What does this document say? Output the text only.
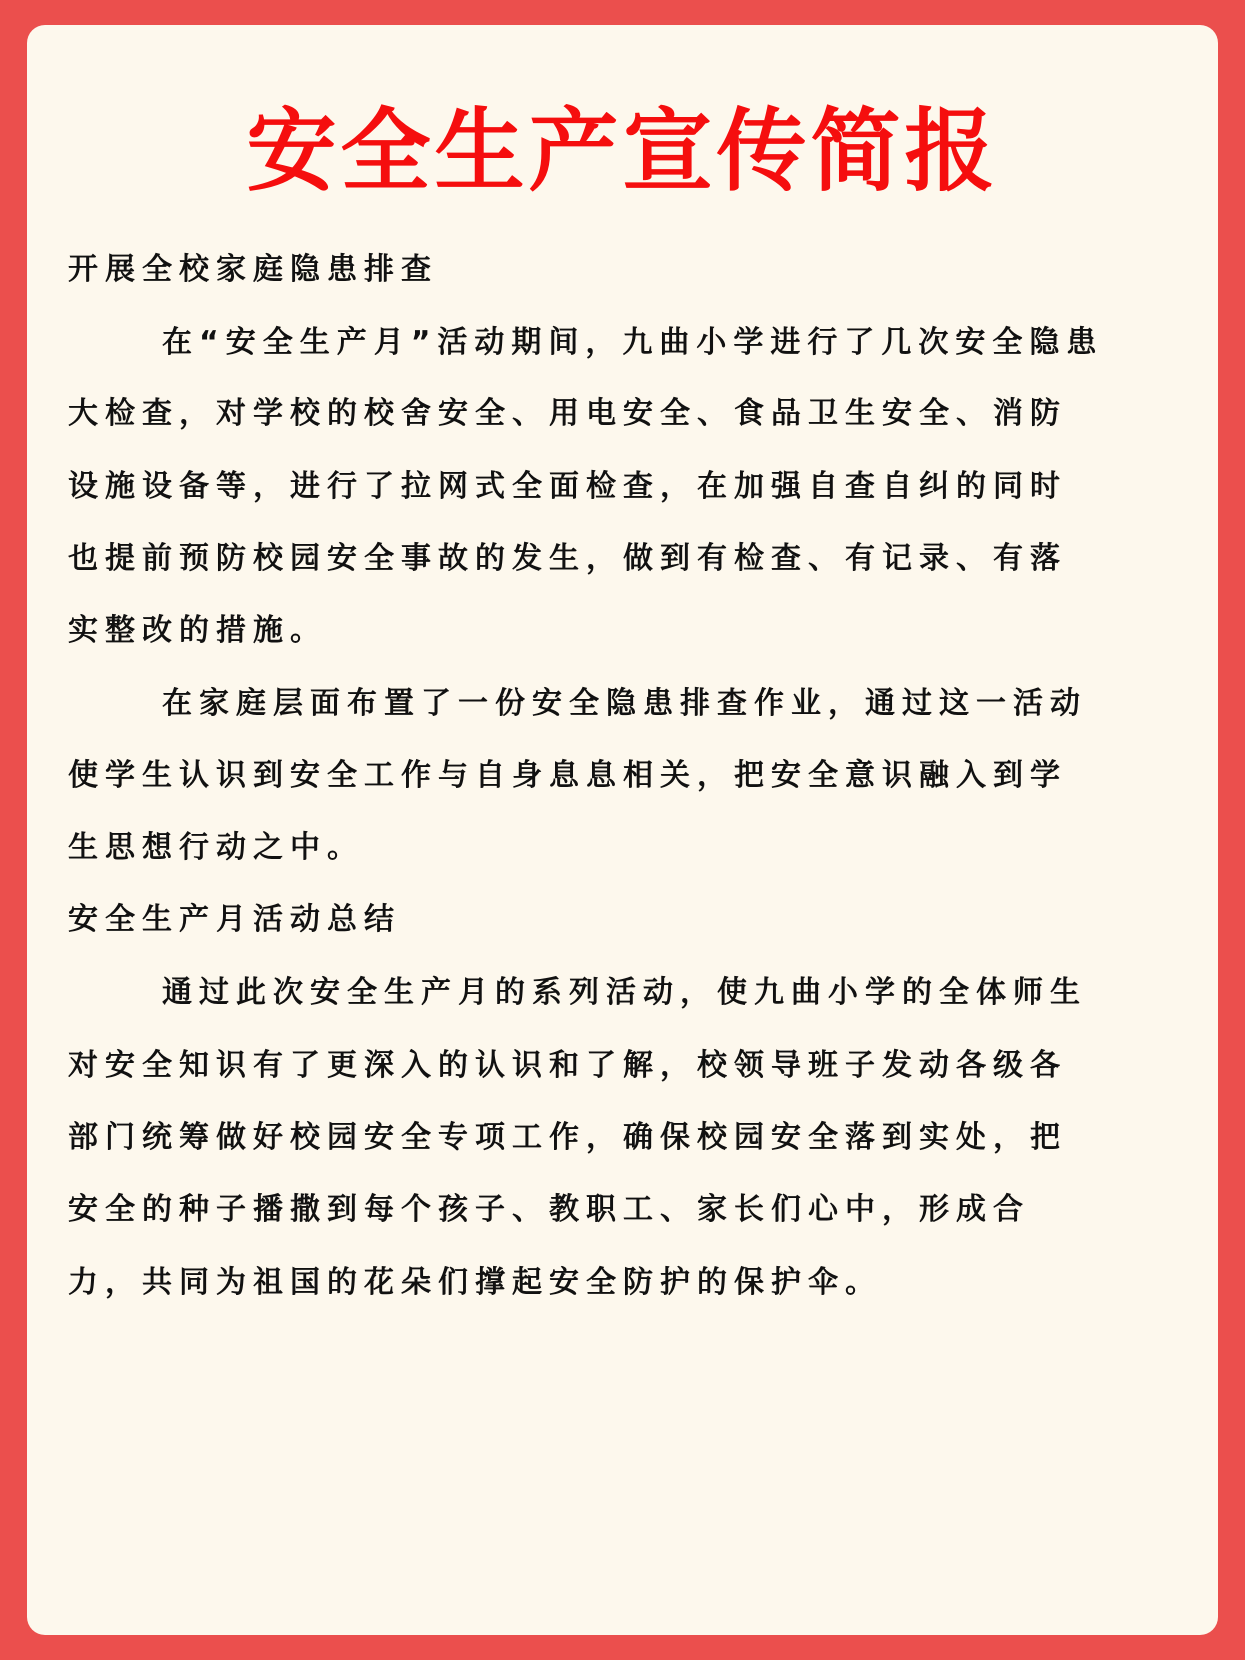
安全生产宣传简报
开展全校家庭隐患排查
在“安全生产月”活动期间，九曲小学进行了几次安全隐患
大检查，对学校的校舍安全、用电安全、食品卫生安全、消防
设施设备等，进行了拉网式全面检查，在加强自查自纠的同时
也提前预防校园安全事故的发生，做到有检查、有记录、有落
实整改的措施。
在家庭层面布置了一份安全隐患排查作业，通过这一活动
使学生认识到安全工作与自身息息相关，把安全意识融入到学
生思想行动之中。
安全生产月活动总结
通过此次安全生产月的系列活动，使九曲小学的全体师生
对安全知识有了更深入的认识和了解，校领导班子发动各级各
部门统筹做好校园安全专项工作，确保校园安全落到实处，把
安全的种子播撒到每个孩子、教职工、家长们心中，形成合
力，共同为祖国的花朵们撑起安全防护的保护伞。
